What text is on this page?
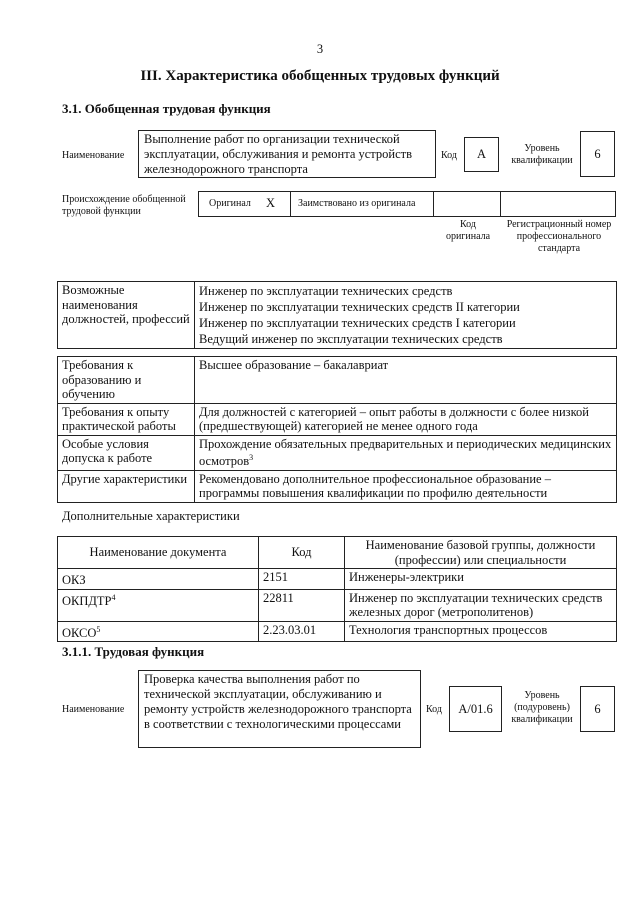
3
III. Характеристика обобщенных трудовых функций
3.1. Обобщенная трудовая функция
Наименование
Выполнение работ по организации технической эксплуатации, обслуживания и ремонта устройств железнодорожного транспорта
Код А	Уровень квалификации	6
Происхождение обобщенной трудовой функции
Оригинал X Заимствовано из оригинала
Код оригинала
Регистрационный номер профессионального стандарта
Возможные наименования должностей, профессий	
Инженер по эксплуатации технических средств
Инженер по эксплуатации технических средств II категории
Инженер по эксплуатации технических средств I категории
Ведущий инженер по эксплуатации технических средств
Требования к образованию и обучению	Высшее образование – бакалавриат
Требования к опыту практической работы	Для должностей с категорией – опыт работы в должности с более низкой (предшествующей) категорией не менее одного года
Особые условия допуска к работе	Прохождение обязательных предварительных и периодических медицинских осмотров$^3$
Другие характеристики	Рекомендовано дополнительное профессиональное образование – программы повышения квалификации по профилю деятельности
Дополнительные характеристики
Наименование документа	Код	Наименование базовой группы, должности (профессии) или специальности
ОКЗ	2151	Инженеры-электрики
ОКПДТР$^4$	22811	Инженер по эксплуатации технических средств железных дорог (метрополитенов)
ОКСО$^5$	2.23.03.01	Технология транспортных процессов
3.1.1. Трудовая функция
Наименование
Проверка качества выполнения работ по технической эксплуатации, обслуживанию и ремонту устройств железнодорожного транспорта в соответствии с технологическими процессами
Код А/01.6
Уровень (подуровень) квалификации
6
